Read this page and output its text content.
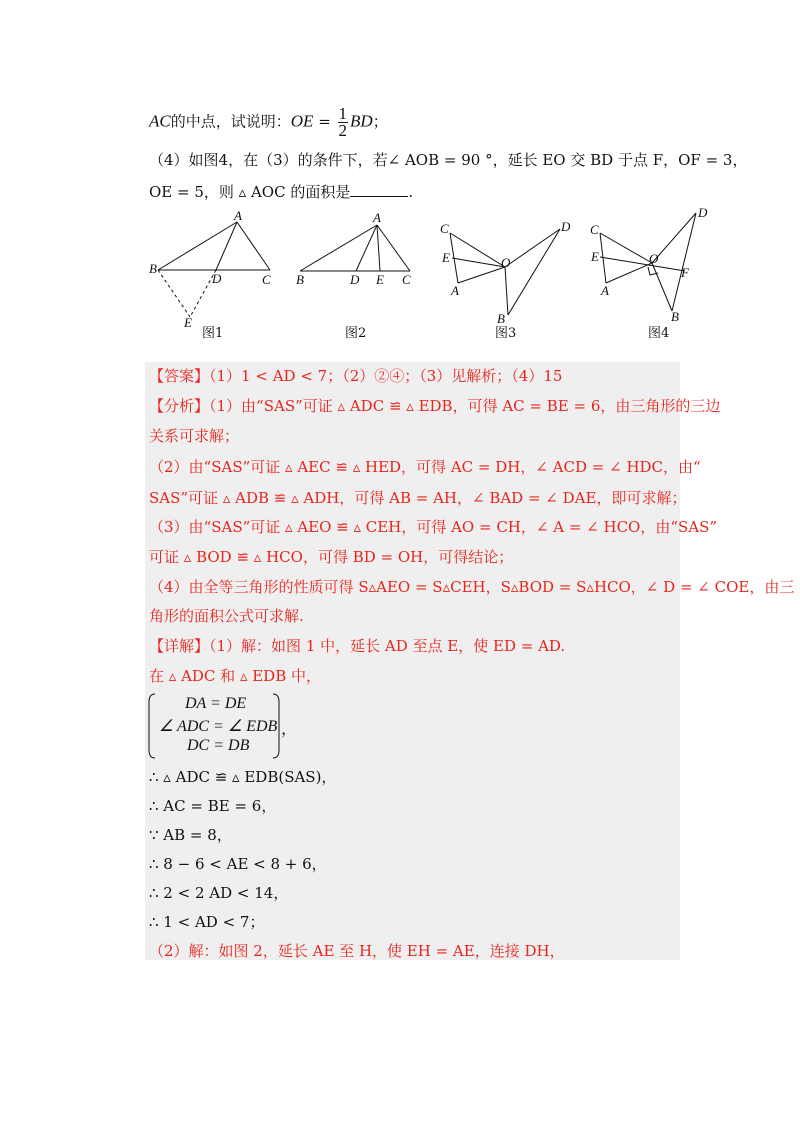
AC的中点，试说明：OE = $\frac{1}{2}$ BD；
（4）如图4，在（3）的条件下，若∠ AOB = 90 °，延长 EO 交 BD 于点 F，OF = 3，
OE = 5，则 ▵ AOC 的面积是	.
A
B
D	C
E
图1
A
B	D E C
图2
C
E
A
O
D
B
图3
C
E
A
O
D
F
B
图4
【答案】（1）1 < AD < 7；（2）②④；（3）见解析；（4）15
【分析】（1）由“SAS”可证 ▵ ADC ≌ ▵ EDB，可得 AC = BE = 6，由三角形的三边
关系可求解；
（2）由“SAS”可证 ▵ AEC ≌ ▵ HED，可得 AC = DH，∠ ACD = ∠ HDC，由“
SAS”可证 ▵ ADB ≌ ▵ ADH，可得 AB = AH，∠ BAD = ∠ DAE，即可求解；
（3）由“SAS”可证 ▵ AEO ≌ ▵ CEH，可得 AO = CH，∠ A = ∠ HCO，由“SAS”
可证 ▵ BOD ≌ ▵ HCO，可得 BD = OH，可得结论；
（4）由全等三角形的性质可得 S▵AEO = S▵CEH，S▵BOD = S▵HCO，∠ D = ∠ COE，由三
角形的面积公式可求解.
【详解】（1）解：如图 1 中，延长 AD 至点 E，使 ED = AD.
在 ▵ ADC 和 ▵ EDB 中，
DA = DE
∠ ADC = ∠ EDB
DC = DB
，
∴ ▵ ADC ≌ ▵ EDB(SAS)，
∴ AC = BE = 6，
∵ AB = 8，
∴ 8 − 6 < AE < 8 + 6，
∴ 2 < 2 AD < 14，
∴ 1 < AD < 7；
（2）解：如图 2，延长 AE 至 H，使 EH = AE，连接 DH，
